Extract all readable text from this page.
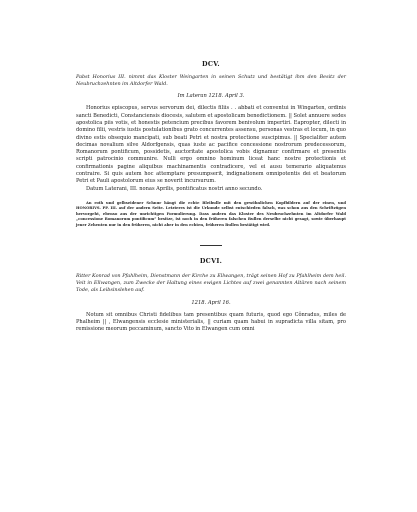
DCV.

Pabst Honorius III. nimmt das Kloster Weingarten in seinen Schutz und bestätigt ihm den Besitz der Neubruchzehnten im Altdorfer Wald.

Im Lateran 1218. April 3.

Honorius episcopus, servus servorum dei, dilectis filiis . . abbati et conventui in Wingarten, ordinis sancti Benedicti, Constanciensis diocesis, salutem et apostolicam benedictionem. || Solet annuere sedes apostolica piis votis, et honestis petencium precibus favorem benivolum impertiri. Eapropter, dilecti in domino filii, vestris iustis postulationibus grato concurrentes assensu, personas vestras et locum, in quo divino estis obsequio mancipati, sub beati Petri et nostra protectione suscipimus. || Specialiter autem decimas novalium silve Aldorfgensis, quas iuste ac pacifice concessione nostrorum predecessorum, Romanorum pontificum, possidetis, auctoritate apostolica vobis dignamur confirmare et presentis scripti patrocinio communire. Nulli ergo omnino hominum liceat hanc nostre protectionis et confirmationis pagine aliquibus machinamentis contradicere, vel ei ausu temerario aliquatenus contraire. Si quis autem hoc attemptare presumpserit, indignationem omnipotentis dei et beatorum Petri et Pauli apostolorum eius se noverit incursurum.

Datum Laterani, III. nonas Aprilis, pontificatus nostri anno secundo.

An roth und gelbseidener Schnur hängt die echte Bleibulle mit den gewöhnlichen Kopfbildern auf der einen, und HONORIVS. PP. III. auf der andern Seite. Letzteres ist die Urkunde selbst entschieden falsch, was schon aus den Schriftzügen hervorgeht, ebenso aus der unrichtigen Formulierung. Dass andern das Kloster des Neubruchzehnten im Altdorfer Wald „concessione Romanorum pontificum“ besitze, ist noch in den früheren falschen Bullen derselbe nicht gesagt, sowie überhaupt jener Zehenten nur in den früheren, nicht aber in den echten, früheren Bullen bestätigt wird.

DCVI.

Ritter Konrad von Pfahlheim, Dienstmann der Kirche zu Ellwangen, trägt seinen Hof zu Pfahlheim dem heil. Veit in Ellwangen, zum Zwecke der Haltung eines ewigen Lichtes auf zwei genannten Altären nach seinem Tode, als Leibsinslehen auf.

1218. April 16.

Notum sit omnibus Christi fidelibus tam presentibus quam futuris, quod ego Cônradus, miles de Phalheim || , Elwangensis ecclesie ministerialis, || curiam quam habui in supradicta villa sitam, pro remissione meorum peccaminum, sancto Vito in Elwangen cum omni
